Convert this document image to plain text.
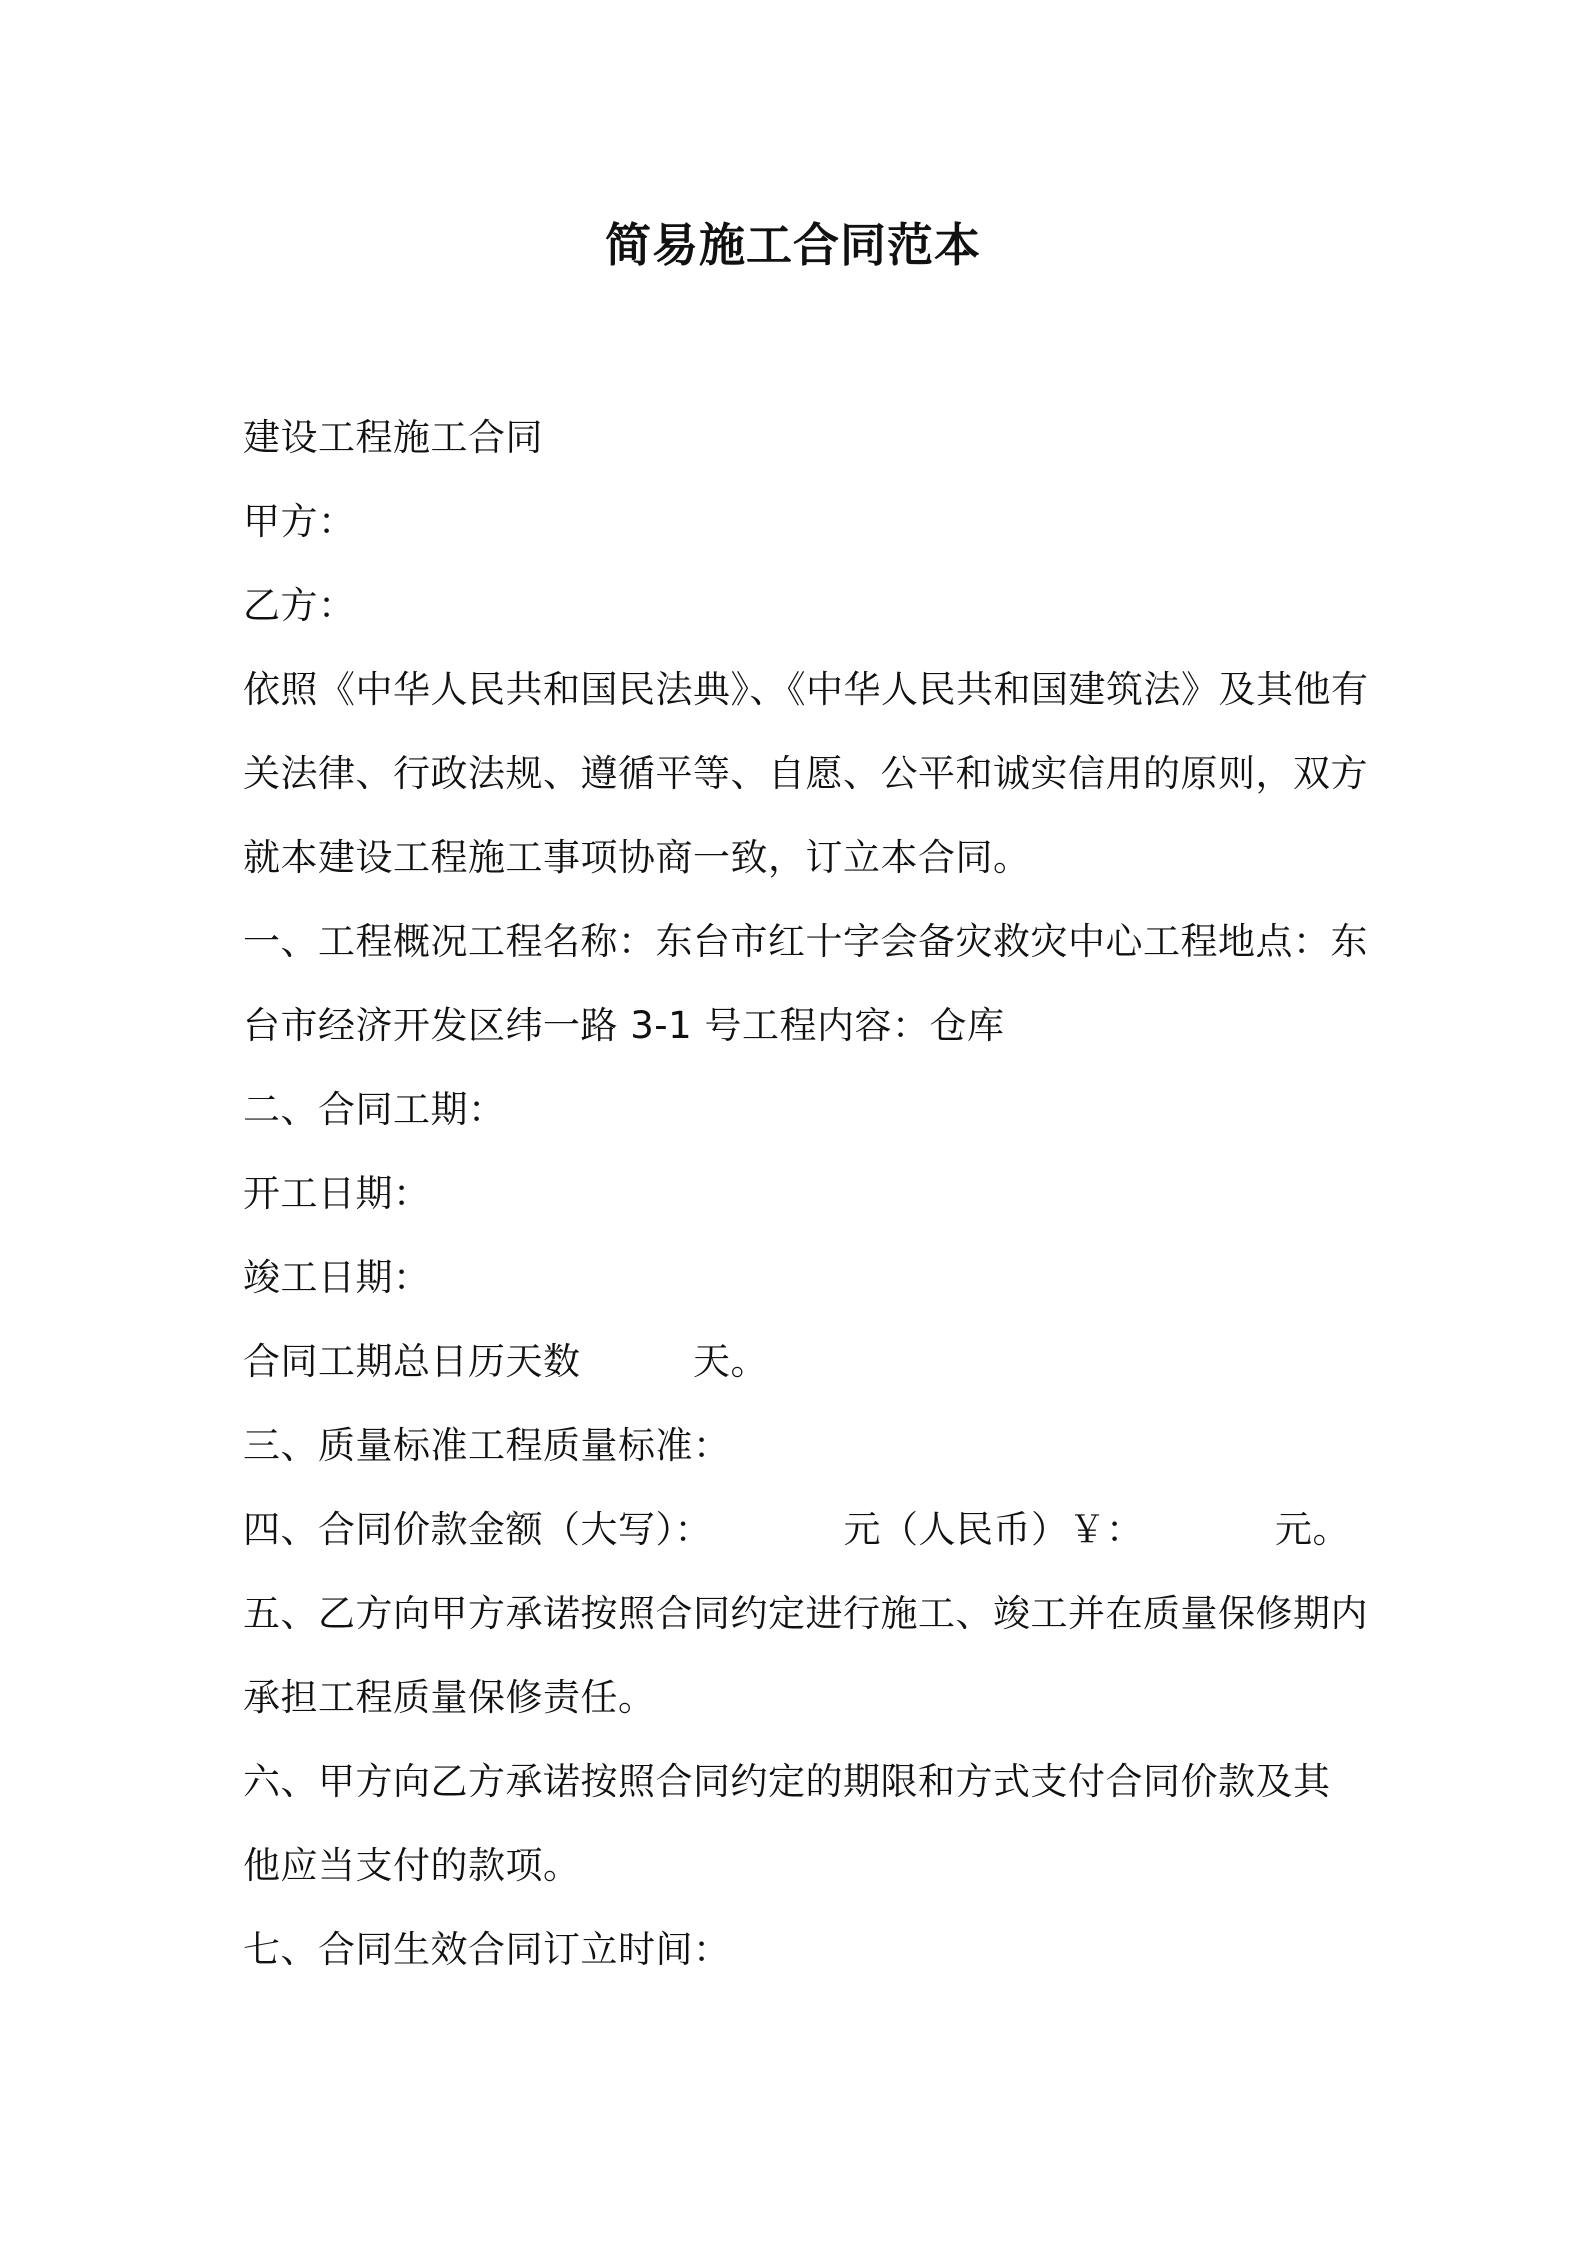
简易施工合同范本
建设工程施工合同
甲方：
乙方：
依照《中华人民共和国民法典》、《中华人民共和国建筑法》及其他有
关法律、行政法规、遵循平等、自愿、公平和诚实信用的原则，双方
就本建设工程施工事项协商一致，订立本合同。
一、工程概况工程名称：东台市红十字会备灾救灾中心工程地点：东
台市经济开发区纬一路 3-1 号工程内容：仓库
二、合同工期：
开工日期：
竣工日期：
合同工期总日历天数　　　天。
三、质量标准工程质量标准：
四、合同价款金额（大写）：　　　　元（人民币）￥：　　　　元。
五、乙方向甲方承诺按照合同约定进行施工、竣工并在质量保修期内
承担工程质量保修责任。
六、甲方向乙方承诺按照合同约定的期限和方式支付合同价款及其
他应当支付的款项。
七、合同生效合同订立时间：
